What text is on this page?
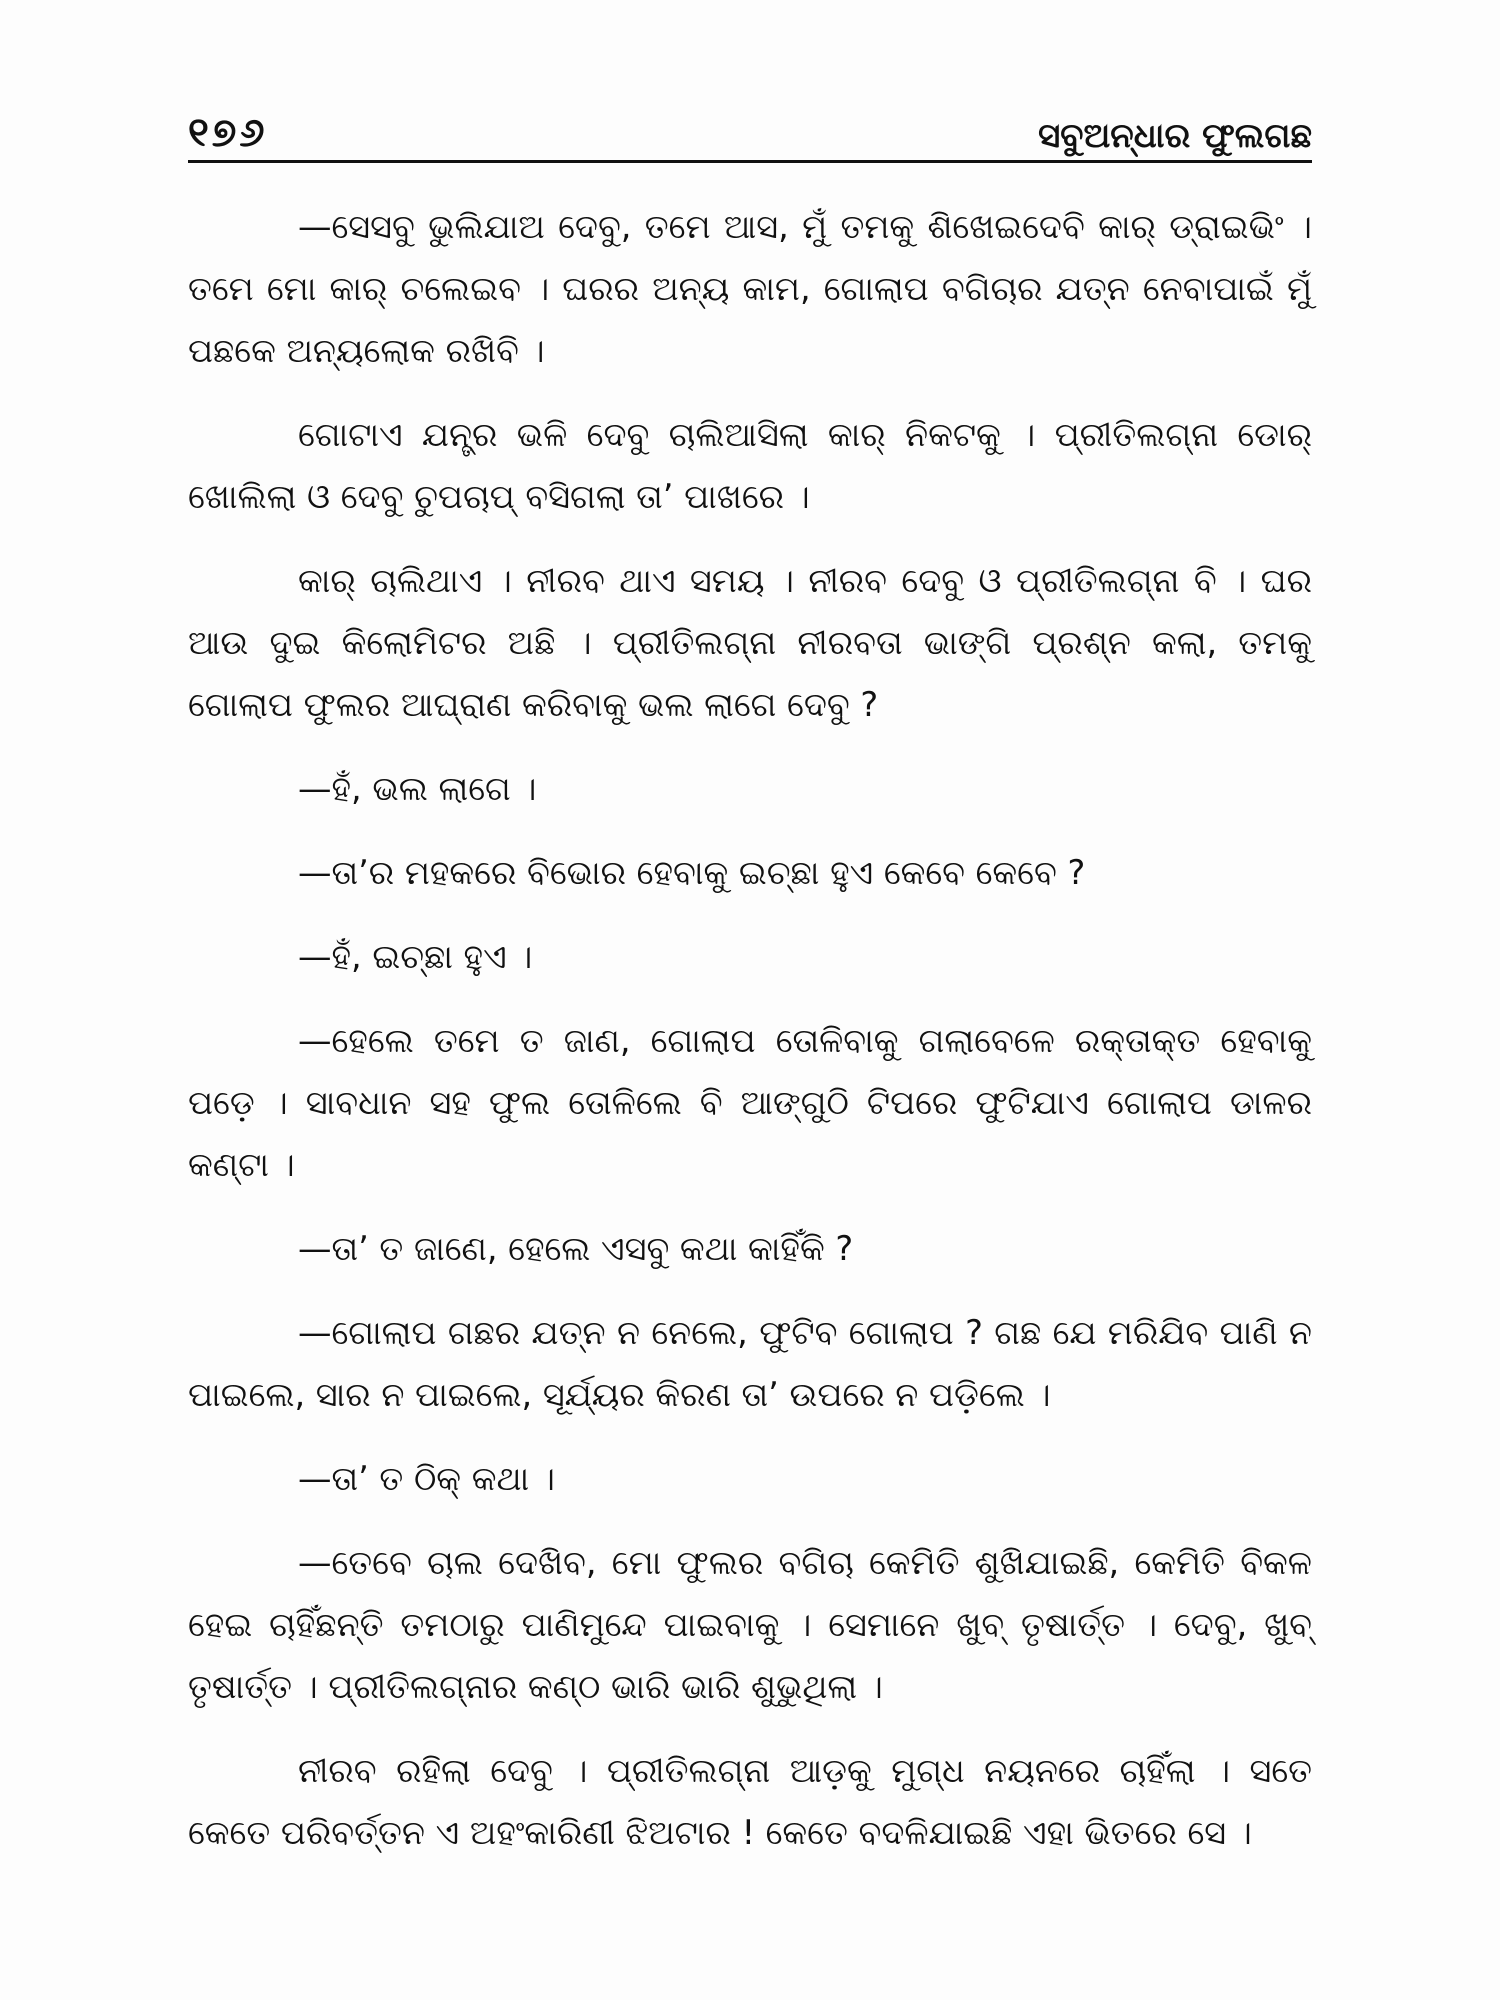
୧୭୬	ସବୁଅନ୍ଧାର ଫୁଲଗଛ

—ସେସବୁ ଭୁଲିଯାଅ ଦେବୁ, ତମେ ଆସ, ମୁଁ ତମକୁ ଶିଖେଇଦେବି କାର୍ ଡ୍ରାଇଭିଂ । ତମେ ମୋ କାର୍ ଚଲେଇବ । ଘରର ଅନ୍ୟ କାମ, ଗୋଲାପ ବଗିଚାର ଯତ୍ନ ନେବାପାଇଁ ମୁଁ ପଛକେ ଅନ୍ୟଲୋକ ରଖିବି ।

ଗୋଟାଏ ଯନ୍ତ୍ର ଭଳି ଦେବୁ ଚାଲିଆସିଲା କାର୍ ନିକଟକୁ । ପ୍ରୀତିଲଗ୍ନା ଡୋର୍ ଖୋଲିଲା ଓ ଦେବୁ ଚୁପଚାପ୍ ବସିଗଲା ତା’ ପାଖରେ ।

କାର୍ ଚାଲିଥାଏ । ନୀରବ ଥାଏ ସମୟ । ନୀରବ ଦେବୁ ଓ ପ୍ରୀତିଲଗ୍ନା ବି । ଘର ଆଉ ଦୁଇ କିଲୋମିଟର ଅଛି । ପ୍ରୀତିଲଗ୍ନା ନୀରବତା ଭାଙ୍ଗି ପ୍ରଶ୍ନ କଲା, ତମକୁ ଗୋଲାପ ଫୁଲର ଆଘ୍ରାଣ କରିବାକୁ ଭଲ ଲାଗେ ଦେବୁ ?

—ହଁ, ଭଲ ଲାଗେ ।

—ତା’ର ମହକରେ ବିଭୋର ହେବାକୁ ଇଚ୍ଛା ହୁଏ କେବେ କେବେ ?

—ହଁ, ଇଚ୍ଛା ହୁଏ ।

—ହେଲେ ତମେ ତ ଜାଣ, ଗୋଲାପ ତୋଳିବାକୁ ଗଲାବେଳେ ରକ୍ତାକ୍ତ ହେବାକୁ ପଡ଼େ । ସାବଧାନ ସହ ଫୁଲ ତୋଳିଲେ ବି ଆଙ୍ଗୁଠି ଟିପରେ ଫୁଟିଯାଏ ଗୋଲାପ ଡାଳର କଣ୍ଟା ।

—ତା’ ତ ଜାଣେ, ହେଲେ ଏସବୁ କଥା କାହିଁକି ?

—ଗୋଲାପ ଗଛର ଯତ୍ନ ନ ନେଲେ, ଫୁଟିବ ଗୋଲାପ ? ଗଛ ଯେ ମରିଯିବ ପାଣି ନ ପାଇଲେ, ସାର ନ ପାଇଲେ, ସୂର୍ଯ୍ୟର କିରଣ ତା’ ଉପରେ ନ ପଡ଼ିଲେ ।

—ତା’ ତ ଠିକ୍ କଥା ।

—ତେବେ ଚାଲ ଦେଖିବ, ମୋ ଫୁଲର ବଗିଚା କେମିତି ଶୁଖିଯାଇଛି, କେମିତି ବିକଳ ହେଇ ଚାହିଁଛନ୍ତି ତମଠାରୁ ପାଣିମୁନ୍ଦେ ପାଇବାକୁ । ସେମାନେ ଖୁବ୍ ତୃଷାର୍ତ୍ତ । ଦେବୁ, ଖୁବ୍ ତୃଷାର୍ତ୍ତ । ପ୍ରୀତିଲଗ୍ନାର କଣ୍ଠ ଭାରି ଭାରି ଶୁଭୁଥିଲା ।

ନୀରବ ରହିଲା ଦେବୁ । ପ୍ରୀତିଲଗ୍ନା ଆଡ଼କୁ ମୁଗ୍ଧ ନୟନରେ ଚାହିଁଲା । ସତେ କେତେ ପରିବର୍ତ୍ତନ ଏ ଅହଂକାରିଣୀ ଝିଅଟାର ! କେତେ ବଦଳିଯାଇଛି ଏହା ଭିତରେ ସେ ।
